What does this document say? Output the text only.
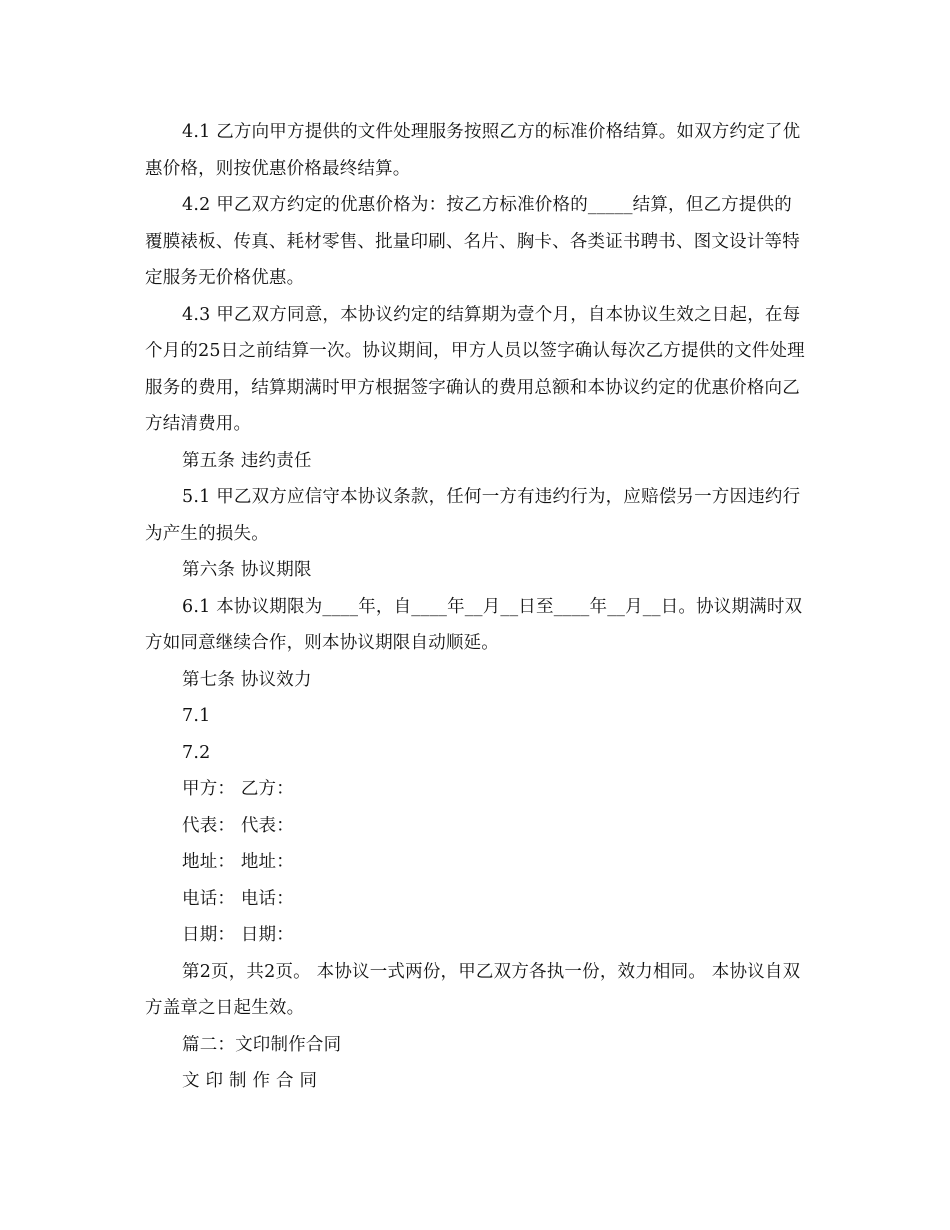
4.1 乙方向甲方提供的文件处理服务按照乙方的标准价格结算。如双方约定了优惠价格，则按优惠价格最终结算。

4.2 甲乙双方约定的优惠价格为：按乙方标准价格的_____结算，但乙方提供的覆膜裱板、传真、耗材零售、批量印刷、名片、胸卡、各类证书聘书、图文设计等特定服务无价格优惠。

4.3 甲乙双方同意，本协议约定的结算期为壹个月，自本协议生效之日起，在每个月的25日之前结算一次。协议期间，甲方人员以签字确认每次乙方提供的文件处理服务的费用，结算期满时甲方根据签字确认的费用总额和本协议约定的优惠价格向乙方结清费用。

第五条 违约责任

5.1 甲乙双方应信守本协议条款，任何一方有违约行为，应赔偿另一方因违约行为产生的损失。

第六条 协议期限

6.1 本协议期限为____年，自____年__月__日至____年__月__日。协议期满时双方如同意继续合作，则本协议期限自动顺延。

第七条 协议效力

7.1

7.2

甲方： 乙方：

代表： 代表：

地址： 地址：

电话： 电话：

日期： 日期：

第2页，共2页。 本协议一式两份，甲乙双方各执一份，效力相同。 本协议自双方盖章之日起生效。

篇二：文印制作合同

文印制作合同
